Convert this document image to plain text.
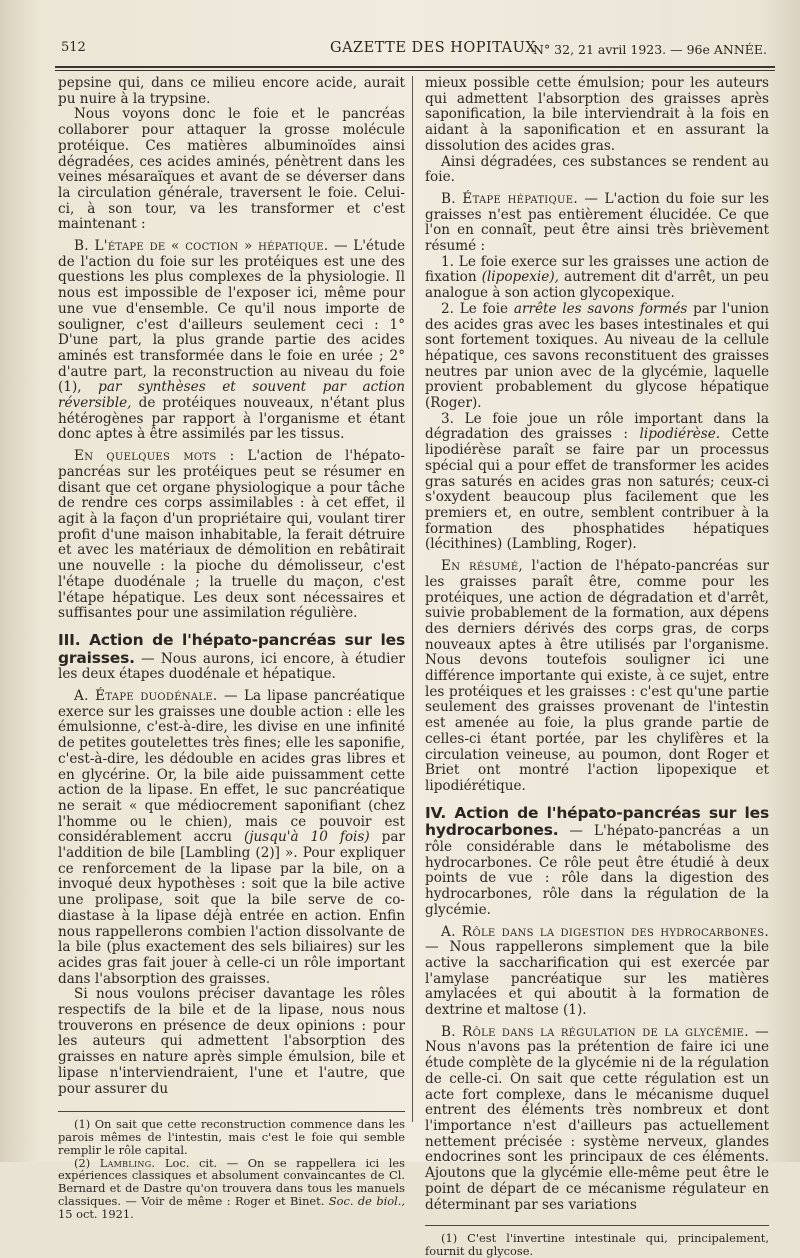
512	GAZETTE DES HOPITAUX
N° 32, 21 avril 1923. — 96e ANNÉE.

pepsine qui, dans ce milieu encore acide, aurait pu nuire à la trypsine.

Nous voyons donc le foie et le pancréas collaborer pour attaquer la grosse molécule protéique. Ces matières albuminoïdes ainsi dégradées, ces acides aminés, pénètrent dans les veines mésaraïques et avant de se déverser dans la circulation générale, traversent le foie. Celui-ci, à son tour, va les transformer et c'est maintenant :

B. L'étape de « coction » hépatique. — L'étude de l'action du foie sur les protéiques est une des questions les plus complexes de la physiologie. Il nous est impossible de l'exposer ici, même pour une vue d'ensemble. Ce qu'il nous importe de souligner, c'est d'ailleurs seulement ceci : 1° D'une part, la plus grande partie des acides aminés est transformée dans le foie en urée ; 2° d'autre part, la reconstruction au niveau du foie (1), par synthèses et souvent par action réversible, de protéiques nouveaux, n'étant plus hétérogènes par rapport à l'organisme et étant donc aptes à être assimilés par les tissus.

En quelques mots : L'action de l'hépato-pancréas sur les protéiques peut se résumer en disant que cet organe physiologique a pour tâche de rendre ces corps assimilables : à cet effet, il agit à la façon d'un propriétaire qui, voulant tirer profit d'une maison inhabitable, la ferait détruire et avec les matériaux de démolition en rebâtirait une nouvelle : la pioche du démolisseur, c'est l'étape duodénale ; la truelle du maçon, c'est l'étape hépatique. Les deux sont nécessaires et suffisantes pour une assimilation régulière.

III. Action de l'hépato-pancréas sur les graisses. — Nous aurons, ici encore, à étudier les deux étapes duodénale et hépatique.

A. Étape duodénale. — La lipase pancréatique exerce sur les graisses une double action : elle les émulsionne, c'est-à-dire, les divise en une infinité de petites goutelettes très fines; elle les saponifie, c'est-à-dire, les dédouble en acides gras libres et en glycérine. Or, la bile aide puissamment cette action de la lipase. En effet, le suc pancréatique ne serait « que médiocrement saponifiant (chez l'homme ou le chien), mais ce pouvoir est considérablement accru (jusqu'à 10 fois) par l'addition de bile [Lambling (2)] ». Pour expliquer ce renforcement de la lipase par la bile, on a invoqué deux hypothèses : soit que la bile active une prolipase, soit que la bile serve de co-diastase à la lipase déjà entrée en action. Enfin nous rappellerons combien l'action dissolvante de la bile (plus exactement des sels biliaires) sur les acides gras fait jouer à celle-ci un rôle important dans l'absorption des graisses.

Si nous voulons préciser davantage les rôles respectifs de la bile et de la lipase, nous nous trouverons en présence de deux opinions : pour les auteurs qui admettent l'absorption des graisses en nature après simple émulsion, bile et lipase n'interviendraient, l'une et l'autre, que pour assurer du

(1) On sait que cette reconstruction commence dans les parois mêmes de l'intestin, mais c'est le foie qui semble remplir le rôle capital.

(2) Lambling. Loc. cit. — On se rappellera ici les expériences classiques et absolument convaincantes de Cl. Bernard et de Dastre qu'on trouvera dans tous les manuels classiques. — Voir de même : Roger et Binet. Soc. de biol., 15 oct. 1921.

mieux possible cette émulsion; pour les auteurs qui admettent l'absorption des graisses après saponification, la bile interviendrait à la fois en aidant à la saponification et en assurant la dissolution des acides gras.

Ainsi dégradées, ces substances se rendent au foie.

B. Étape hépatique. — L'action du foie sur les graisses n'est pas entièrement élucidée. Ce que l'on en connaît, peut être ainsi très brièvement résumé :

1. Le foie exerce sur les graisses une action de fixation (lipopexie), autrement dit d'arrêt, un peu analogue à son action glycopexique.

2. Le foie arrête les savons formés par l'union des acides gras avec les bases intestinales et qui sont fortement toxiques. Au niveau de la cellule hépatique, ces savons reconstituent des graisses neutres par union avec de la glycémie, laquelle provient probablement du glycose hépatique (Roger).

3. Le foie joue un rôle important dans la dégradation des graisses : lipodiérèse. Cette lipodiérèse paraît se faire par un processus spécial qui a pour effet de transformer les acides gras saturés en acides gras non saturés; ceux-ci s'oxydent beaucoup plus facilement que les premiers et, en outre, semblent contribuer à la formation des phosphatides hépatiques (lécithines) (Lambling, Roger).

En résumé, l'action de l'hépato-pancréas sur les graisses paraît être, comme pour les protéiques, une action de dégradation et d'arrêt, suivie probablement de la formation, aux dépens des derniers dérivés des corps gras, de corps nouveaux aptes à être utilisés par l'organisme. Nous devons toutefois souligner ici une différence importante qui existe, à ce sujet, entre les protéiques et les graisses : c'est qu'une partie seulement des graisses provenant de l'intestin est amenée au foie, la plus grande partie de celles-ci étant portée, par les chylifères et la circulation veineuse, au poumon, dont Roger et Briet ont montré l'action lipopexique et lipodiérétique.

IV. Action de l'hépato-pancréas sur les hydrocarbones. — L'hépato-pancréas a un rôle considérable dans le métabolisme des hydrocarbones. Ce rôle peut être étudié à deux points de vue : rôle dans la digestion des hydrocarbones, rôle dans la régulation de la glycémie.

A. Rôle dans la digestion des hydrocarbones. — Nous rappellerons simplement que la bile active la saccharification qui est exercée par l'amylase pancréatique sur les matières amylacées et qui aboutit à la formation de dextrine et maltose (1).

B. Rôle dans la régulation de la glycémie. — Nous n'avons pas la prétention de faire ici une étude complète de la glycémie ni de la régulation de celle-ci. On sait que cette régulation est un acte fort complexe, dans le mécanisme duquel entrent des éléments très nombreux et dont l'importance n'est d'ailleurs pas actuellement nettement précisée : système nerveux, glandes endocrines sont les principaux de ces éléments. Ajoutons que la glycémie elle-même peut être le point de départ de ce mécanisme régulateur en déterminant par ses variations

(1) C'est l'invertine intestinale qui, principalement, fournit du glycose.
